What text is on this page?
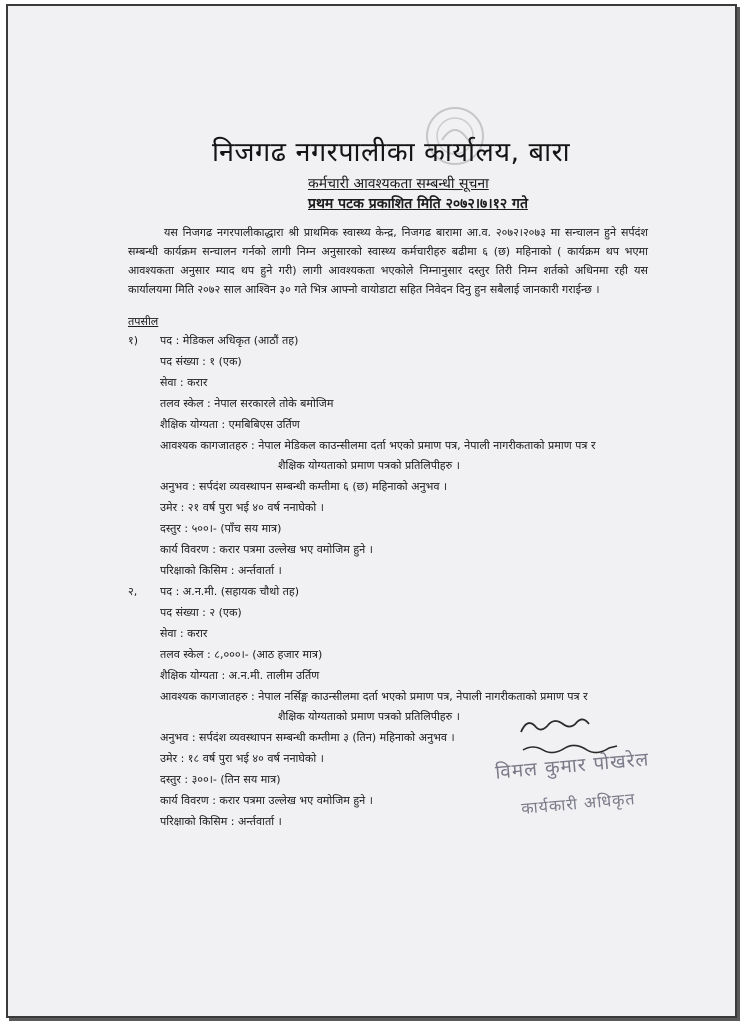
निजगढ नगरपालीका कार्यालय, बारा

कर्मचारी आवश्यकता सम्बन्धी सूचना

प्रथम पटक प्रकाशित मिति २०७२।७।१२ गते

यस निजगढ नगरपालीकाद्धारा श्री प्राथमिक स्वास्थ्य केन्द्र, निजगढ बारामा आ.व. २०७२।२०७३ मा सन्चालन हुने सर्पदंश सम्बन्धी कार्यक्रम सन्चालन गर्नको लागी निम्न अनुसारको स्वास्थ्य कर्मचारीहरु बढीमा ६ (छ) महिनाको ( कार्यक्रम थप भएमा आवश्यकता अनुसार म्याद थप हुने गरी) लागी आवश्यकता भएकोले निम्नानुसार दस्तुर तिरी निम्न शर्तको अधिनमा रही यस कार्यालयमा मिति २०७२ साल आश्विन ३० गते भित्र आफ्नो वायोडाटा सहित निवेदन दिनु हुन सबैलाई जानकारी गराईन्छ ।

तपसील

१) पद : मेडिकल अधिकृत (आठौं तह)
पद संख्या : १ (एक)
सेवा : करार
तलव स्केल : नेपाल सरकारले तोके बमोजिम
शैक्षिक योग्यता : एमबिबिएस उर्तिण
आवश्यक कागजातहरु : नेपाल मेडिकल काउन्सीलमा दर्ता भएको प्रमाण पत्र, नेपाली नागरीकताको प्रमाण पत्र र
शैक्षिक योग्यताको प्रमाण पत्रको प्रतिलिपीहरु ।
अनुभव : सर्पदंश व्यवस्थापन सम्बन्धी कम्तीमा ६ (छ) महिनाको अनुभव ।
उमेर : २१ वर्ष पुरा भई ४० वर्ष ननाघेको ।
दस्तुर : ५००।- (पाँच सय मात्र)
कार्य विवरण : करार पत्रमा उल्लेख भए वमोजिम हुने ।
परिक्षाको किसिम : अर्न्तवार्ता ।
२, पद : अ.न.मी. (सहायक चौथो तह)
पद संख्या : २ (एक)
सेवा : करार
तलव स्केल : ८,०००।- (आठ हजार मात्र)
शैक्षिक योग्यता : अ.न.मी. तालीम उर्तिण
आवश्यक कागजातहरु : नेपाल नर्सिङ्ग काउन्सीलमा दर्ता भएको प्रमाण पत्र, नेपाली नागरीकताको प्रमाण पत्र र
शैक्षिक योग्यताको प्रमाण पत्रको प्रतिलिपीहरु ।
अनुभव : सर्पदंश व्यवस्थापन सम्बन्धी कम्तीमा ३ (तिन) महिनाको अनुभव ।
उमेर : १८ वर्ष पुरा भई ४० वर्ष ननाघेको ।
दस्तुर : ३००।- (तिन सय मात्र)
कार्य विवरण : करार पत्रमा उल्लेख भए वमोजिम हुने ।
परिक्षाको किसिम : अर्न्तवार्ता ।
विमल कुमार पोखरेल
कार्यकारी अधिकृत
